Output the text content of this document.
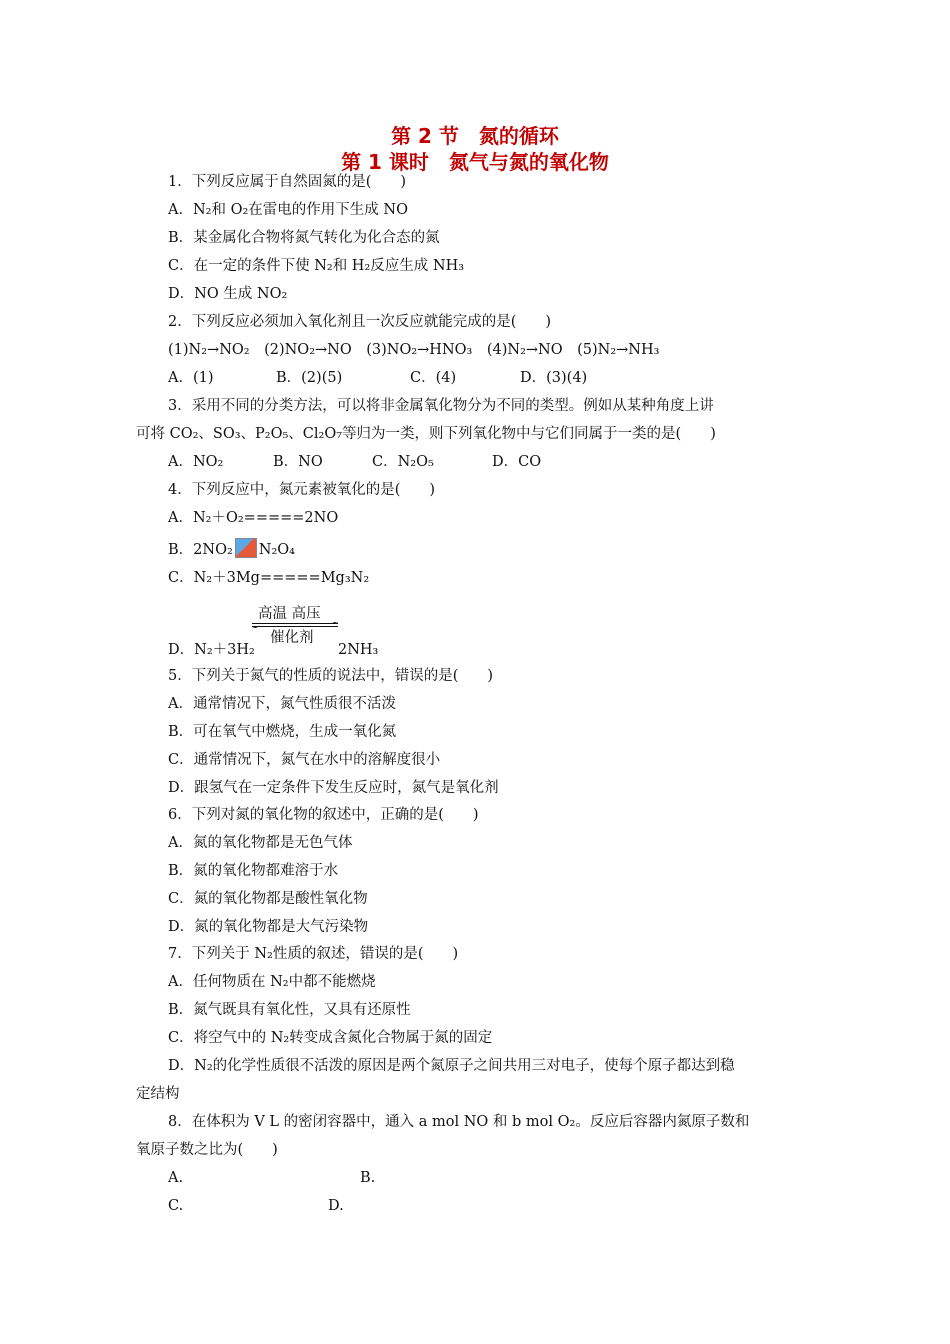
第 2 节　氮的循环
第 1 课时　氮气与氮的氧化物
1．下列反应属于自然固氮的是(　　)
A．N₂和 O₂在雷电的作用下生成 NO
B．某金属化合物将氮气转化为化合态的氮
C．在一定的条件下使 N₂和 H₂反应生成 NH₃
D．NO 生成 NO₂
2．下列反应必须加入氧化剂且一次反应就能完成的是(　　)
(1)N₂→NO₂　(2)NO₂→NO　(3)NO₂→HNO₃　(4)N₂→NO　(5)N₂→NH₃
A．(1)	B．(2)(5)	C．(4)	D．(3)(4)
3．采用不同的分类方法，可以将非金属氧化物分为不同的类型。例如从某种角度上讲
可将 CO₂、SO₃、P₂O₅、Cl₂O₇等归为一类，则下列氧化物中与它们同属于一类的是(　　)
A．NO₂	B．NO	C．N₂O₅	D．CO
4．下列反应中，氮元素被氧化的是(　　)
A．N₂＋O₂=====2NO
B．2NO₂ N₂O₄
C．N₂＋3Mg=====Mg₃N₂
高温 高压
催化剂
D．N₂＋3H₂	2NH₃
5．下列关于氮气的性质的说法中，错误的是(　　)
A．通常情况下，氮气性质很不活泼
B．可在氧气中燃烧，生成一氧化氮
C．通常情况下，氮气在水中的溶解度很小
D．跟氢气在一定条件下发生反应时，氮气是氧化剂
6．下列对氮的氧化物的叙述中，正确的是(　　)
A．氮的氧化物都是无色气体
B．氮的氧化物都难溶于水
C．氮的氧化物都是酸性氧化物
D．氮的氧化物都是大气污染物
7．下列关于 N₂性质的叙述，错误的是(　　)
A．任何物质在 N₂中都不能燃烧
B．氮气既具有氧化性，又具有还原性
C．将空气中的 N₂转变成含氮化合物属于氮的固定
D．N₂的化学性质很不活泼的原因是两个氮原子之间共用三对电子，使每个原子都达到稳
定结构
8．在体积为 V L 的密闭容器中，通入 a mol NO 和 b mol O₂。反应后容器内氮原子数和
氧原子数之比为(　　)
A.	B.
C.	D.
